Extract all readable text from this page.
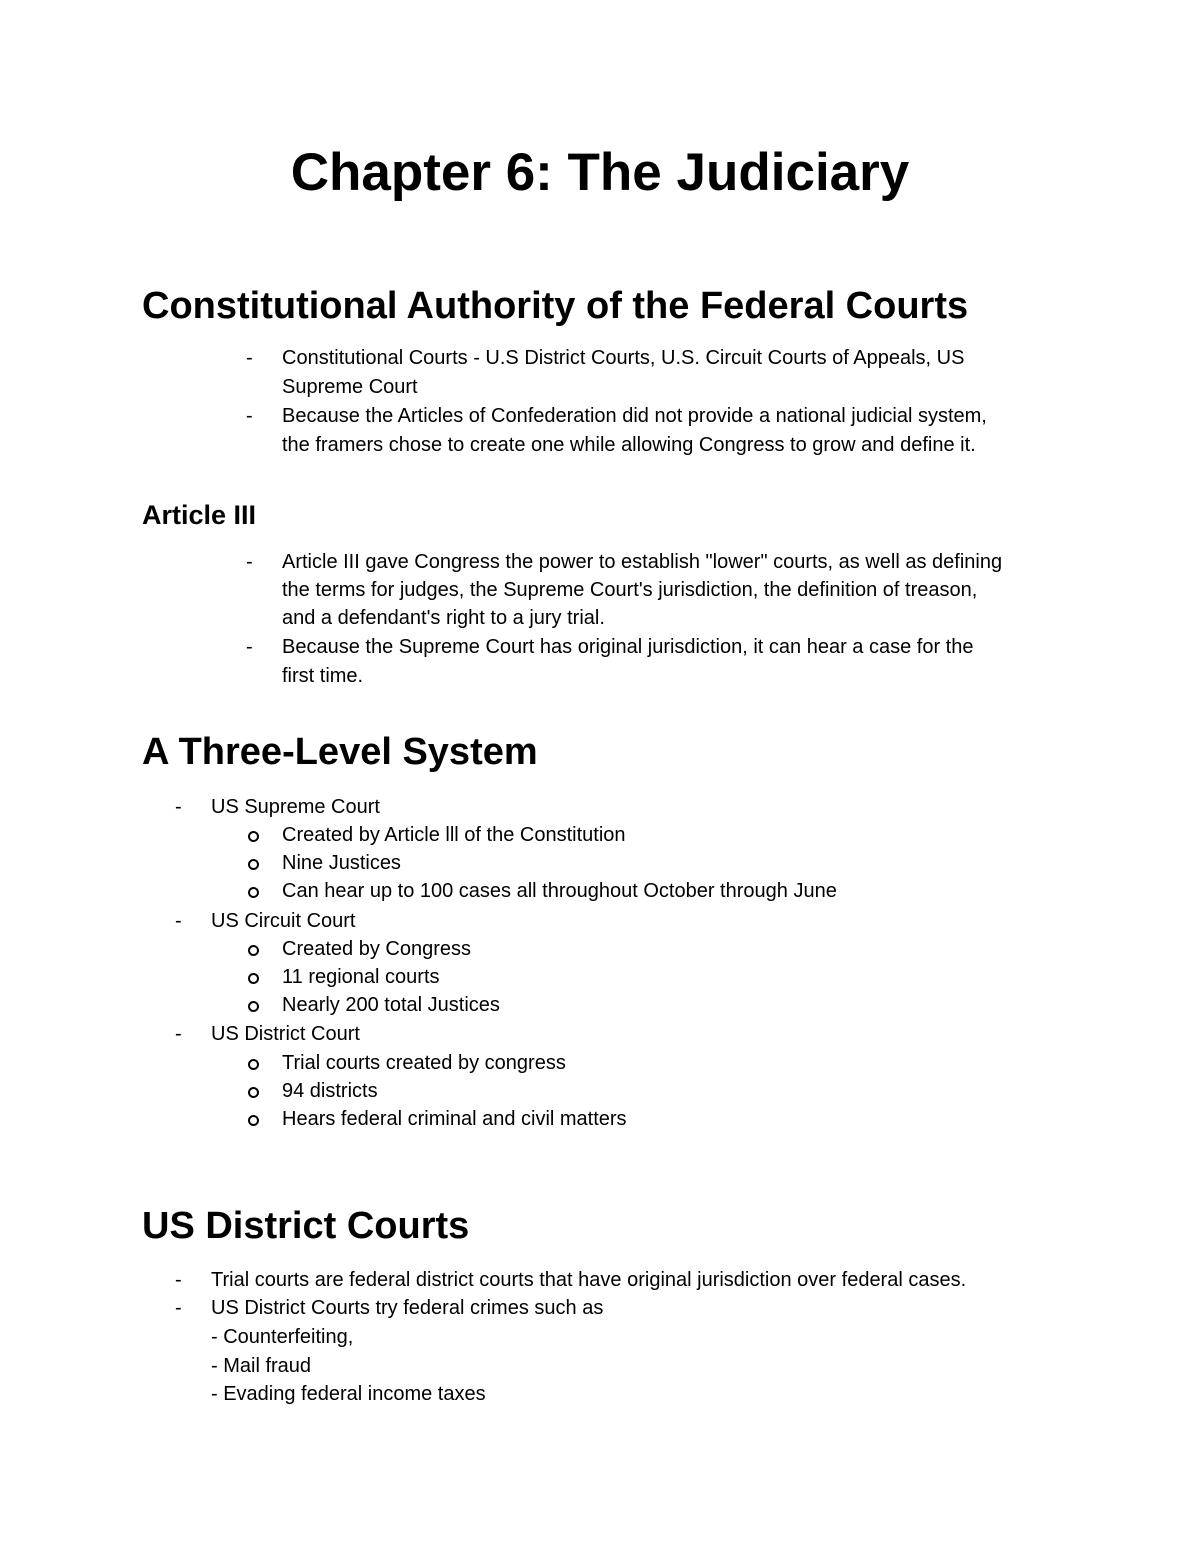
Chapter 6: The Judiciary
Constitutional Authority of the Federal Courts
- Constitutional Courts - U.S District Courts, U.S. Circuit Courts of Appeals, US
Supreme Court
- Because the Articles of Confederation did not provide a national judicial system,
the framers chose to create one while allowing Congress to grow and define it.
Article III
- Article III gave Congress the power to establish "lower" courts, as well as defining
the terms for judges, the Supreme Court's jurisdiction, the definition of treason,
and a defendant's right to a jury trial.
- Because the Supreme Court has original jurisdiction, it can hear a case for the
first time.
A Three-Level System
- US Supreme Court
Created by Article lll of the Constitution
Nine Justices
Can hear up to 100 cases all throughout October through June
- US Circuit Court
Created by Congress
11 regional courts
Nearly 200 total Justices
- US District Court
Trial courts created by congress
94 districts
Hears federal criminal and civil matters
US District Courts
- Trial courts are federal district courts that have original jurisdiction over federal cases.
- US District Courts try federal crimes such as
- Counterfeiting,
- Mail fraud
- Evading federal income taxes
